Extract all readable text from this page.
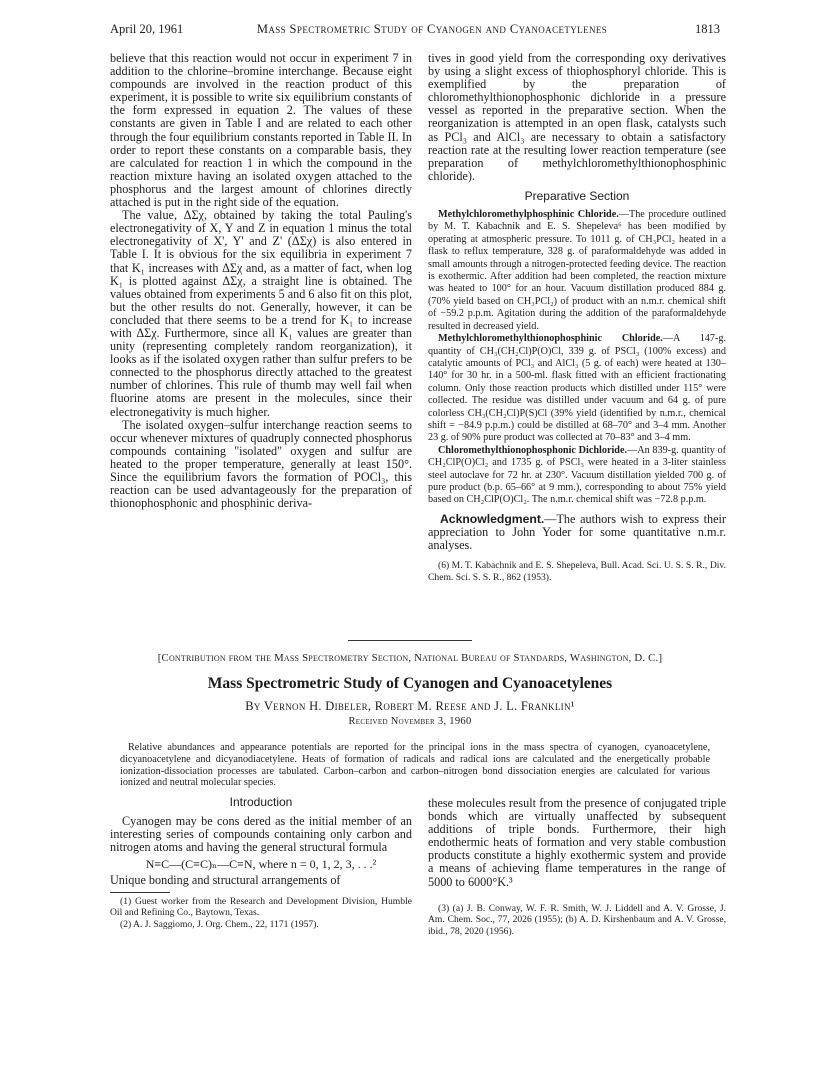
April 20, 1961	Mass Spectrometric Study of Cyanogen and Cyanoacetylenes	1813

believe that this reaction would not occur in experiment 7 in addition to the chlorine–bromine interchange. Because eight compounds are involved in the reaction product of this experiment, it is possible to write six equilibrium constants of the form expressed in equation 2. The values of these constants are given in Table I and are related to each other through the four equilibrium constants reported in Table II. In order to report these constants on a comparable basis, they are calculated for reaction 1 in which the compound in the reaction mixture having an isolated oxygen attached to the phosphorus and the largest amount of chlorines directly attached is put in the right side of the equation.

The value, ΔΣχ, obtained by taking the total Pauling's electronegativity of X, Y and Z in equation 1 minus the total electronegativity of X', Y' and Z' (ΔΣχ) is also entered in Table I. It is obvious for the six equilibria in experiment 7 that K₁ increases with ΔΣχ and, as a matter of fact, when log K₁ is plotted against ΔΣχ, a straight line is obtained. The values obtained from experiments 5 and 6 also fit on this plot, but the other results do not. Generally, however, it can be concluded that there seems to be a trend for K₁ to increase with ΔΣχ. Furthermore, since all K₁ values are greater than unity (representing completely random reorganization), it looks as if the isolated oxygen rather than sulfur prefers to be connected to the phosphorus directly attached to the greatest number of chlorines. This rule of thumb may well fail when fluorine atoms are present in the molecules, since their electronegativity is much higher.

The isolated oxygen–sulfur interchange reaction seems to occur whenever mixtures of quadruply connected phosphorus compounds containing "isolated" oxygen and sulfur are heated to the proper temperature, generally at least 150°. Since the equilibrium favors the formation of POCl₃, this reaction can be used advantageously for the preparation of thionophosphonic and phosphinic deriva-

tives in good yield from the corresponding oxy derivatives by using a slight excess of thiophosphoryl chloride. This is exemplified by the preparation of chloromethylthionophosphonic dichloride in a pressure vessel as reported in the preparative section. When the reorganization is attempted in an open flask, catalysts such as PCl₃ and AlCl₃ are necessary to obtain a satisfactory reaction rate at the resulting lower reaction temperature (see preparation of methylchloromethylthionophosphinic chloride).

Preparative Section

Methylchloromethylphosphinic Chloride.—The procedure outlined by M. T. Kabachnik and E. S. Shepeleva⁶ has been modified by operating at atmospheric pressure. To 1011 g. of CH₃PCl₂ heated in a flask to reflux temperature, 328 g. of paraformaldehyde was added in small amounts through a nitrogen-protected feeding device. The reaction is exothermic. After addition had been completed, the reaction mixture was heated to 100° for an hour. Vacuum distillation produced 884 g. (70% yield based on CH₃PCl₂) of product with an n.m.r. chemical shift of −59.2 p.p.m. Agitation during the addition of the paraformaldehyde resulted in decreased yield.

Methylchloromethylthionophosphinic Chloride.—A 147-g. quantity of CH₃(CH₂Cl)P(O)Cl, 339 g. of PSCl₃ (100% excess) and catalytic amounts of PCl₃ and AlCl₃ (5 g. of each) were heated at 130–140° for 30 hr. in a 500-ml. flask fitted with an efficient fractionating column. Only those reaction products which distilled under 115° were collected. The residue was distilled under vacuum and 64 g. of pure colorless CH₃(CH₂Cl)P(S)Cl (39% yield (identified by n.m.r., chemical shift = −84.9 p.p.m.) could be distilled at 68–70° and 3–4 mm. Another 23 g. of 90% pure product was collected at 70–83° and 3–4 mm.

Chloromethylthionophosphonic Dichloride.—An 839-g. quantity of CH₂ClP(O)Cl₂ and 1735 g. of PSCl₃ were heated in a 3-liter stainless steel autoclave for 72 hr. at 230°. Vacuum distillation yielded 700 g. of pure product (b.p. 65–66° at 9 mm.), corresponding to about 75% yield based on CH₂ClP(O)Cl₂. The n.m.r. chemical shift was −72.8 p.p.m.

Acknowledgment.—The authors wish to express their appreciation to John Yoder for some quantitative n.m.r. analyses.

(6) M. T. Kabachnik and E. S. Shepeleva, Bull. Acad. Sci. U. S. S. R., Div. Chem. Sci. S. S. R., 862 (1953).

[Contribution from the Mass Spectrometry Section, National Bureau of Standards, Washington, D. C.]
Mass Spectrometric Study of Cyanogen and Cyanoacetylenes
By Vernon H. Dibeler, Robert M. Reese and J. L. Franklin¹
Received November 3, 1960

Relative abundances and appearance potentials are reported for the principal ions in the mass spectra of cyanogen, cyanoacetylene, dicyanoacetylene and dicyanodiacetylene. Heats of formation of radicals and radical ions are calculated and the energetically probable ionization-dissociation processes are tabulated. Carbon–carbon and carbon–nitrogen bond dissociation energies are calculated for various ionized and neutral molecular species.

Introduction

Cyanogen may be cons dered as the initial member of an interesting series of compounds containing only carbon and nitrogen atoms and having the general structural formula

N≡C—(C≡C)ₙ—C≡N, where n = 0, 1, 2, 3, . . .²

Unique bonding and structural arrangements of

(1) Guest worker from the Research and Development Division, Humble Oil and Refining Co., Baytown, Texas.

(2) A. J. Saggiomo, J. Org. Chem., 22, 1171 (1957).

these molecules result from the presence of conjugated triple bonds which are virtually unaffected by subsequent additions of triple bonds. Furthermore, their high endothermic heats of formation and very stable combustion products constitute a highly exothermic system and provide a means of achieving flame temperatures in the range of 5000 to 6000°K.³

(3) (a) J. B. Conway, W. F. R. Smith, W. J. Liddell and A. V. Grosse, J. Am. Chem. Soc., 77, 2026 (1955); (b) A. D. Kirshenbaum and A. V. Grosse, ibid., 78, 2020 (1956).
